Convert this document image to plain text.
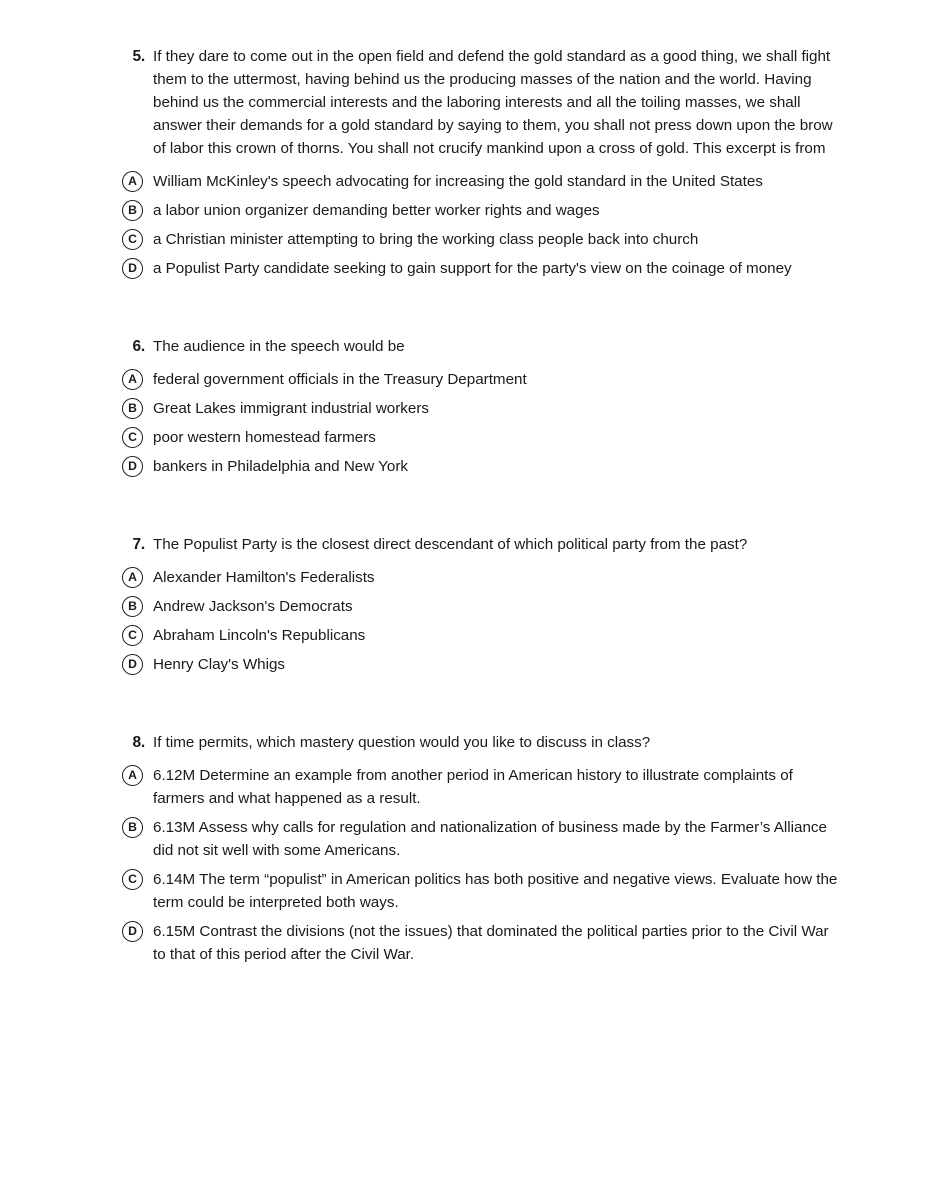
5. If they dare to come out in the open field and defend the gold standard as a good thing, we shall fight them to the uttermost, having behind us the producing masses of the nation and the world. Having behind us the commercial interests and the laboring interests and all the toiling masses, we shall answer their demands for a gold standard by saying to them, you shall not press down upon the brow of labor this crown of thorns. You shall not crucify mankind upon a cross of gold. This excerpt is from
A	William McKinley's speech advocating for increasing the gold standard in the United States
B	a labor union organizer demanding better worker rights and wages
C	a Christian minister attempting to bring the working class people back into church
D	a Populist Party candidate seeking to gain support for the party's view on the coinage of money
6. The audience in the speech would be
A	federal government officials in the Treasury Department
B	Great Lakes immigrant industrial workers
C	poor western homestead farmers
D	bankers in Philadelphia and New York
7. The Populist Party is the closest direct descendant of which political party from the past?
A	Alexander Hamilton's Federalists
B	Andrew Jackson's Democrats
C	Abraham Lincoln's Republicans
D	Henry Clay's Whigs
8. If time permits, which mastery question would you like to discuss in class?
A	6.12M Determine an example from another period in American history to illustrate complaints of farmers and what happened as a result.
B	6.13M Assess why calls for regulation and nationalization of business made by the Farmer’s Alliance did not sit well with some Americans.
C	6.14M The term “populist” in American politics has both positive and negative views. Evaluate how the term could be interpreted both ways.
D	6.15M Contrast the divisions (not the issues) that dominated the political parties prior to the Civil War to that of this period after the Civil War.
